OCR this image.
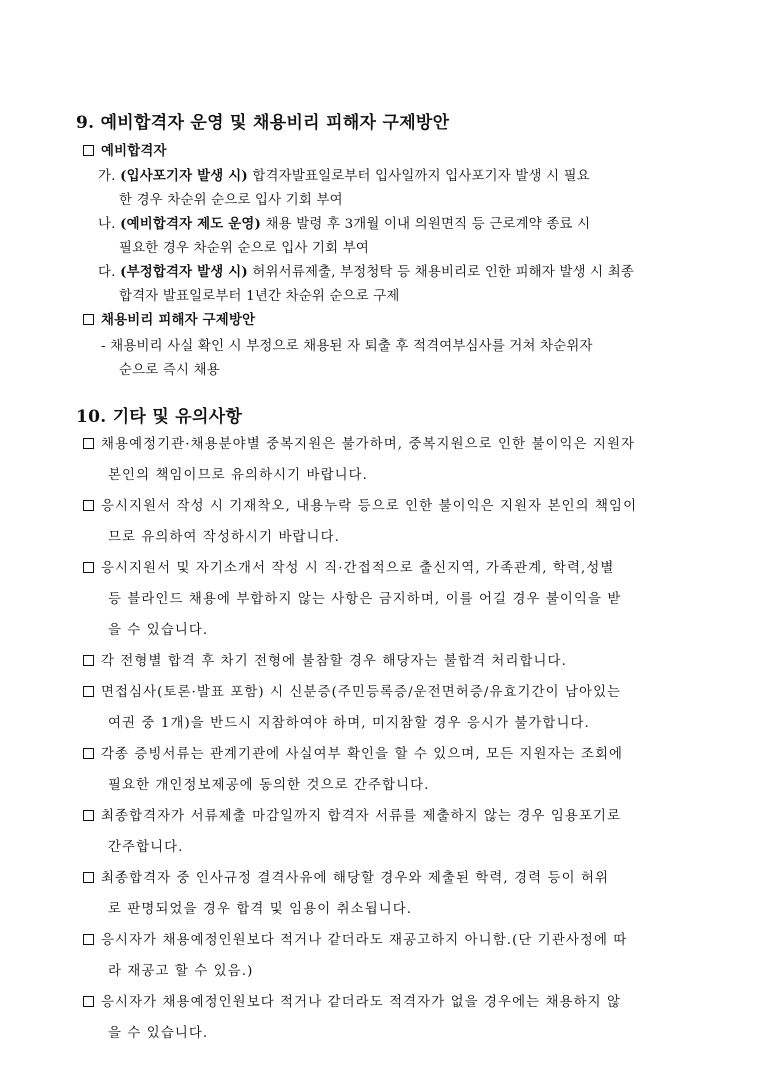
9. 예비합격자 운영 및 채용비리 피해자 구제방안
예비합격자
가. (입사포기자 발생 시) 합격자발표일로부터 입사일까지 입사포기자 발생 시 필요
한 경우 차순위 순으로 입사 기회 부여
나. (예비합격자 제도 운영) 채용 발령 후 3개월 이내 의원면직 등 근로계약 종료 시
필요한 경우 차순위 순으로 입사 기회 부여
다. (부정합격자 발생 시) 허위서류제출, 부정청탁 등 채용비리로 인한 피해자 발생 시 최종
합격자 발표일로부터 1년간 차순위 순으로 구제
채용비리 피해자 구제방안
- 채용비리 사실 확인 시 부정으로 채용된 자 퇴출 후 적격여부심사를 거쳐 차순위자
순으로 즉시 채용
10. 기타 및 유의사항
채용예정기관·채용분야별 중복지원은 불가하며, 중복지원으로 인한 불이익은 지원자
본인의 책임이므로 유의하시기 바랍니다.
응시지원서 작성 시 기재착오, 내용누락 등으로 인한 불이익은 지원자 본인의 책임이
므로 유의하여 작성하시기 바랍니다.
응시지원서 및 자기소개서 작성 시 직·간접적으로 출신지역, 가족관계, 학력,성별
등 블라인드 채용에 부합하지 않는 사항은 금지하며, 이를 어길 경우 불이익을 받
을 수 있습니다.
각 전형별 합격 후 차기 전형에 불참할 경우 해당자는 불합격 처리합니다.
면접심사(토론·발표 포함) 시 신분증(주민등록증/운전면허증/유효기간이 남아있는
여권 중 1개)을 반드시 지참하여야 하며, 미지참할 경우 응시가 불가합니다.
각종 증빙서류는 관계기관에 사실여부 확인을 할 수 있으며, 모든 지원자는 조회에
필요한 개인정보제공에 동의한 것으로 간주합니다.
최종합격자가 서류제출 마감일까지 합격자 서류를 제출하지 않는 경우 임용포기로
간주합니다.
최종합격자 중 인사규정 결격사유에 해당할 경우와 제출된 학력, 경력 등이 허위
로 판명되었을 경우 합격 및 임용이 취소됩니다.
응시자가 채용예정인원보다 적거나 같더라도 재공고하지 아니함.(단 기관사정에 따
라 재공고 할 수 있음.)
응시자가 채용예정인원보다 적거나 같더라도 적격자가 없을 경우에는 채용하지 않
을 수 있습니다.
